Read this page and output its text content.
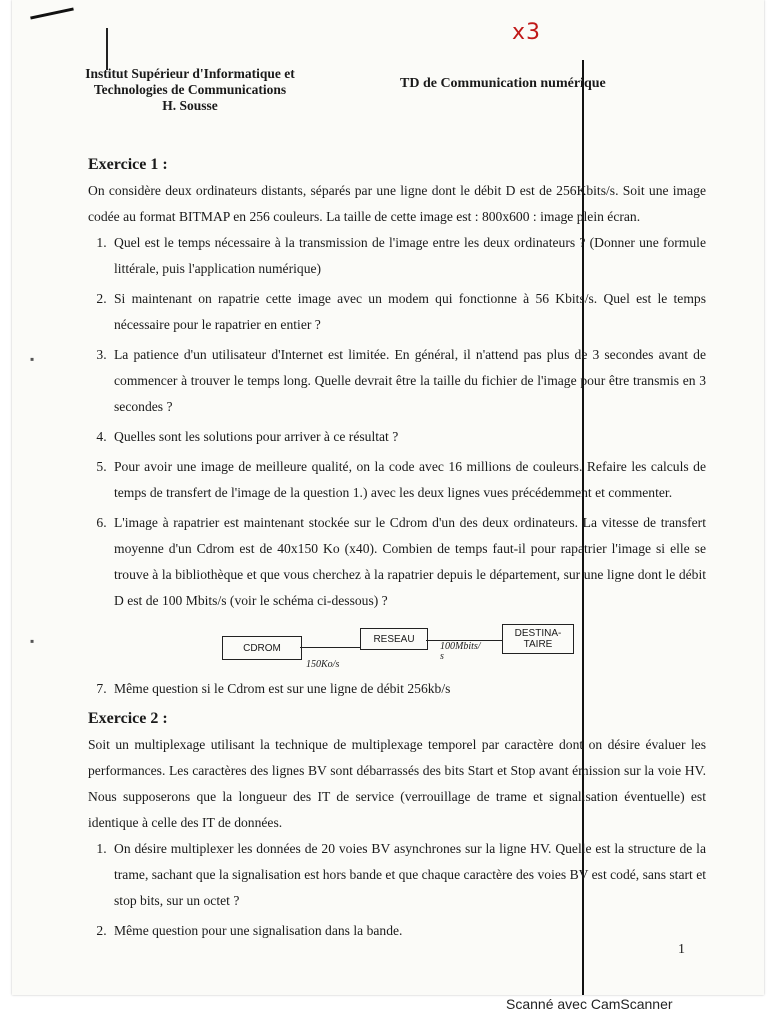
▪
▪
x3
Institut Supérieur d'Informatique et
Technologies de Communications
H. Sousse
TD de Communication numérique

Exercice 1 :

On considère deux ordinateurs distants, séparés par une ligne dont le débit D est de 256Kbits/s. Soit une image codée au format BITMAP en 256 couleurs. La taille de cette image est : 800x600 : image plein écran.

1. Quel est le temps nécessaire à la transmission de l'image entre les deux ordinateurs ? (Donner une formule littérale, puis l'application numérique)
2. Si maintenant on rapatrie cette image avec un modem qui fonctionne à 56 Kbits/s. Quel est le temps nécessaire pour le rapatrier en entier ?
3. La patience d'un utilisateur d'Internet est limitée. En général, il n'attend pas plus de 3 secondes avant de commencer à trouver le temps long. Quelle devrait être la taille du fichier de l'image pour être transmis en 3 secondes ?
4. Quelles sont les solutions pour arriver à ce résultat ?
5. Pour avoir une image de meilleure qualité, on la code avec 16 millions de couleurs. Refaire les calculs de temps de transfert de l'image de la question 1.) avec les deux lignes vues précédemment et commenter.
6. L'image à rapatrier est maintenant stockée sur le Cdrom d'un des deux ordinateurs. La vitesse de transfert moyenne d'un Cdrom est de 40x150 Ko (x40). Combien de temps faut-il pour rapatrier l'image si elle se trouve à la bibliothèque et que vous cherchez à la rapatrier depuis le département, sur une ligne dont le débit D est de 100 Mbits/s (voir le schéma ci-dessous) ?
CDROM
150Ko/s
RESEAU
100Mbits/
s
DESTINA-
TAIRE
7. Même question si le Cdrom est sur une ligne de débit 256kb/s

Exercice 2 :

Soit un multiplexage utilisant la technique de multiplexage temporel par caractère dont on désire évaluer les performances. Les caractères des lignes BV sont débarrassés des bits Start et Stop avant émission sur la voie HV. Nous supposerons que la longueur des IT de service (verrouillage de trame et signalisation éventuelle) est identique à celle des IT de données.

1. On désire multiplexer les données de 20 voies BV asynchrones sur la ligne HV. Quelle est la structure de la trame, sachant que la signalisation est hors bande et que chaque caractère des voies BV est codé, sans start et stop bits, sur un octet ?
2. Même question pour une signalisation dans la bande.
1
Scanné avec CamScanner
